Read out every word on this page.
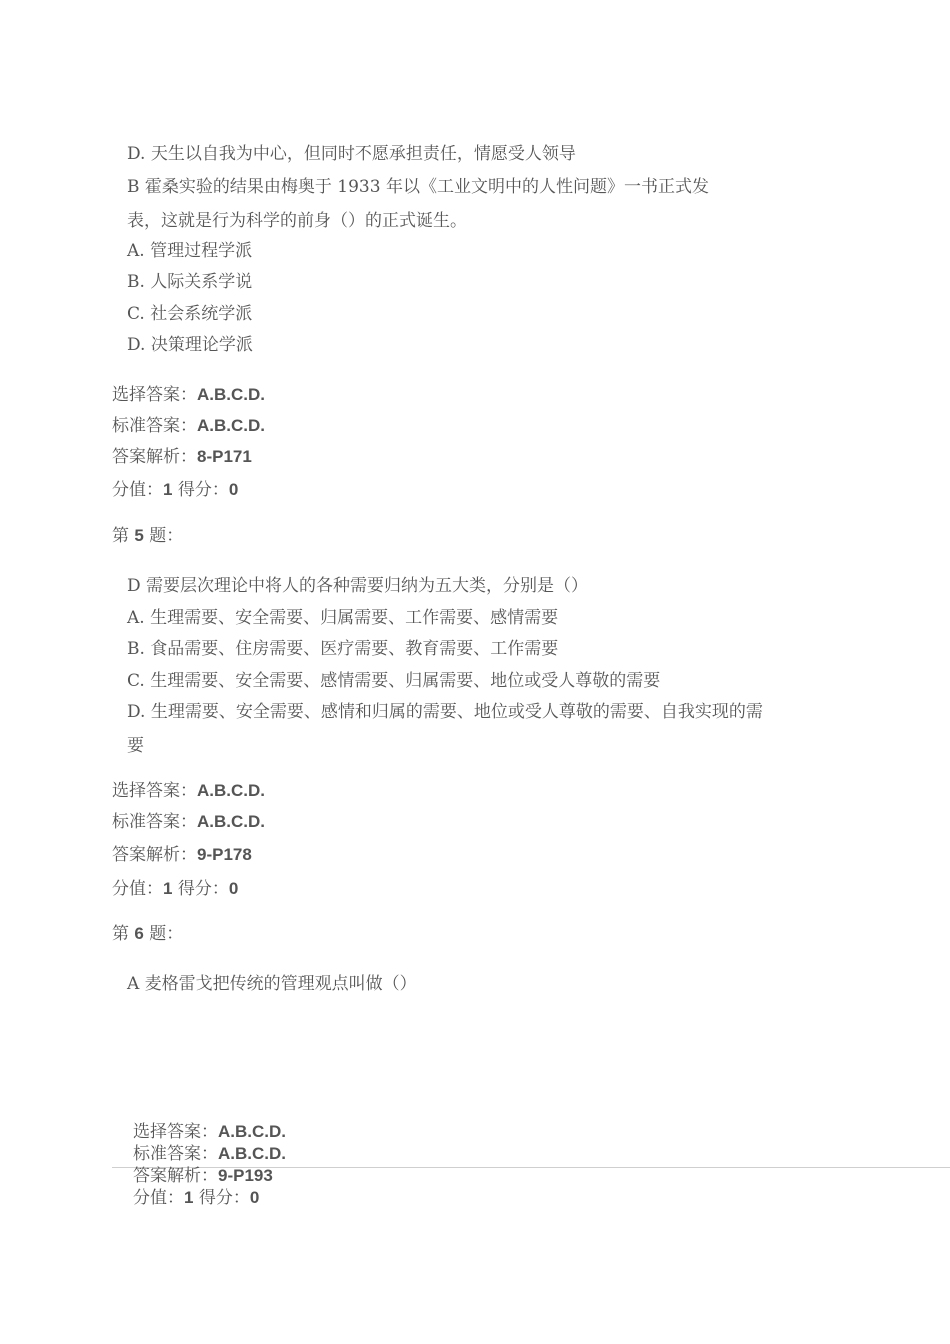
D. 天生以自我为中心，但同时不愿承担责任，情愿受人领导
B 霍桑实验的结果由梅奥于 1933 年以《工业文明中的人性问题》一书正式发
表，这就是行为科学的前身（）的正式诞生。
A. 管理过程学派
B. 人际关系学说
C. 社会系统学派
D. 决策理论学派
选择答案：A.B.C.D.
标准答案：A.B.C.D.
答案解析：8-P171
分值：1 得分：0
第 5 题：
D 需要层次理论中将人的各种需要归纳为五大类，分别是（）
A. 生理需要、安全需要、归属需要、工作需要、感情需要
B. 食品需要、住房需要、医疗需要、教育需要、工作需要
C. 生理需要、安全需要、感情需要、归属需要、地位或受人尊敬的需要
D. 生理需要、安全需要、感情和归属的需要、地位或受人尊敬的需要、自我实现的需
要
选择答案：A.B.C.D.
标准答案：A.B.C.D.
答案解析：9-P178
分值：1 得分：0
第 6 题：
A 麦格雷戈把传统的管理观点叫做（）
选择答案：A.B.C.D.
标准答案：A.B.C.D.
答案解析：9-P193
分值：1 得分：0
